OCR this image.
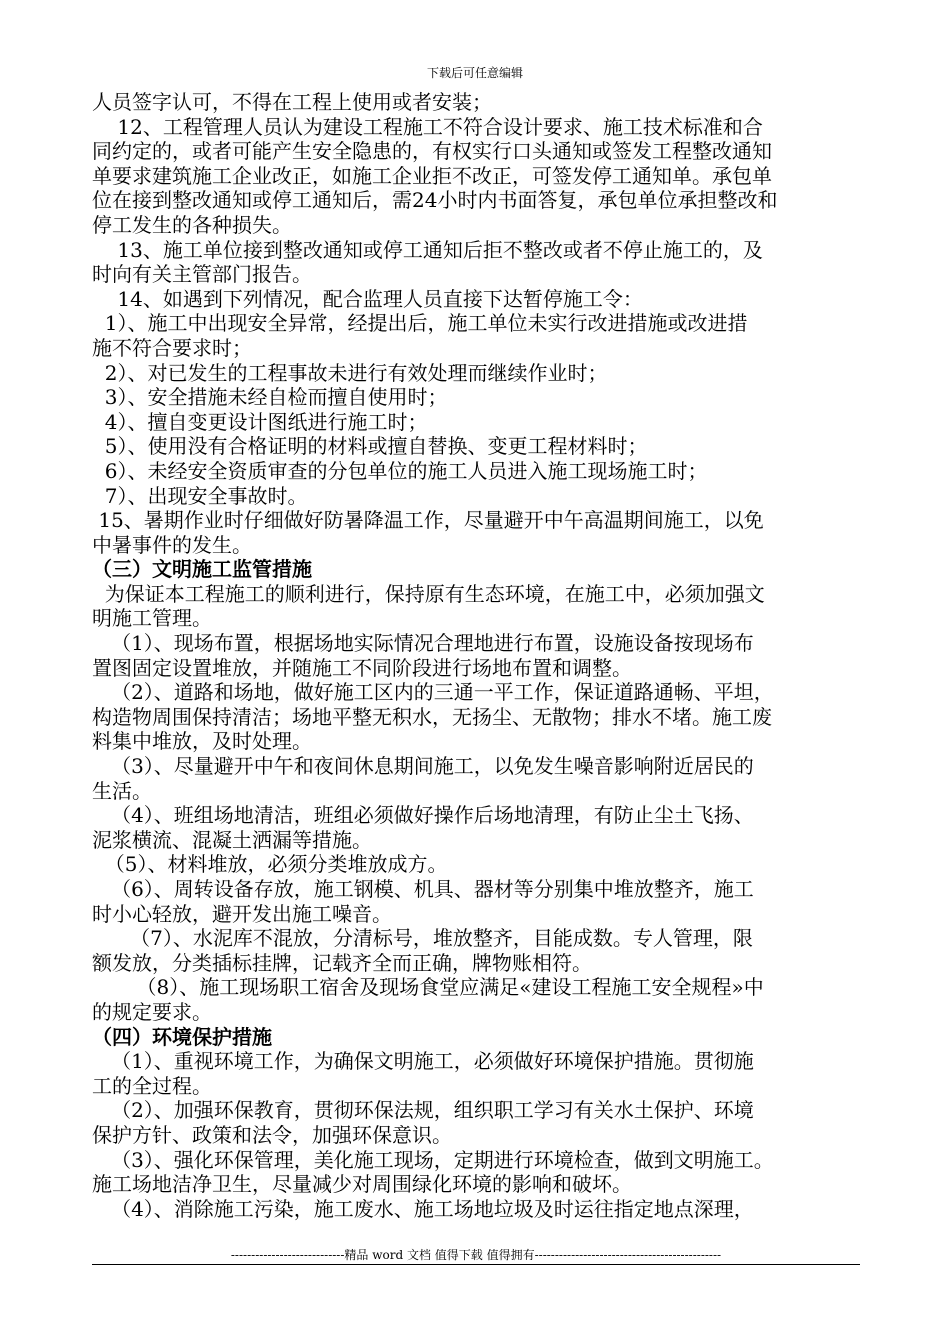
下载后可任意编辑

人员签字认可，不得在工程上使用或者安装；

12、工程管理人员认为建设工程施工不符合设计要求、施工技术标准和合

同约定的，或者可能产生安全隐患的，有权实行口头通知或签发工程整改通知

单要求建筑施工企业改正，如施工企业拒不改正，可签发停工通知单。承包单

位在接到整改通知或停工通知后，需24小时内书面答复，承包单位承担整改和

停工发生的各种损失。

13、施工单位接到整改通知或停工通知后拒不整改或者不停止施工的，及

时向有关主管部门报告。

14、如遇到下列情况，配合监理人员直接下达暂停施工令：

1）、施工中出现安全异常，经提出后，施工单位未实行改进措施或改进措

施不符合要求时；

2）、对已发生的工程事故未进行有效处理而继续作业时；

3）、安全措施未经自检而擅自使用时；

4）、擅自变更设计图纸进行施工时；

5）、使用没有合格证明的材料或擅自替换、变更工程材料时；

6）、未经安全资质审查的分包单位的施工人员进入施工现场施工时；

7）、出现安全事故时。

15、暑期作业时仔细做好防暑降温工作，尽量避开中午高温期间施工，以免

中暑事件的发生。

（三）文明施工监管措施

为保证本工程施工的顺利进行，保持原有生态环境，在施工中，必须加强文

明施工管理。

（1）、现场布置，根据场地实际情况合理地进行布置，设施设备按现场布

置图固定设置堆放，并随施工不同阶段进行场地布置和调整。

（2）、道路和场地，做好施工区内的三通一平工作，保证道路通畅、平坦，

构造物周围保持清洁；场地平整无积水，无扬尘、无散物；排水不堵。施工废

料集中堆放，及时处理。

（3）、尽量避开中午和夜间休息期间施工，以免发生噪音影响附近居民的

生活。

（4）、班组场地清洁，班组必须做好操作后场地清理，有防止尘土飞扬、

泥浆横流、混凝土洒漏等措施。

（5）、材料堆放，必须分类堆放成方。

（6）、周转设备存放，施工钢模、机具、器材等分别集中堆放整齐，施工

时小心轻放，避开发出施工噪音。

（7）、水泥库不混放，分清标号，堆放整齐，目能成数。专人管理，限

额发放，分类插标挂牌，记载齐全而正确，牌物账相符。

（8）、施工现场职工宿舍及现场食堂应满足«建设工程施工安全规程»中

的规定要求。

（四）环境保护措施

（1）、重视环境工作，为确保文明施工，必须做好环境保护措施。贯彻施

工的全过程。

（2）、加强环保教育，贯彻环保法规，组织职工学习有关水土保护、环境

保护方针、政策和法令，加强环保意识。

（3）、强化环保管理，美化施工现场，定期进行环境检查，做到文明施工。

施工场地洁净卫生，尽量减少对周围绿化环境的影响和破坏。

（4）、消除施工污染，施工废水、施工场地垃圾及时运往指定地点深理，

----------------------------精品 word 文档 值得下载 值得拥有----------------------------------------------
